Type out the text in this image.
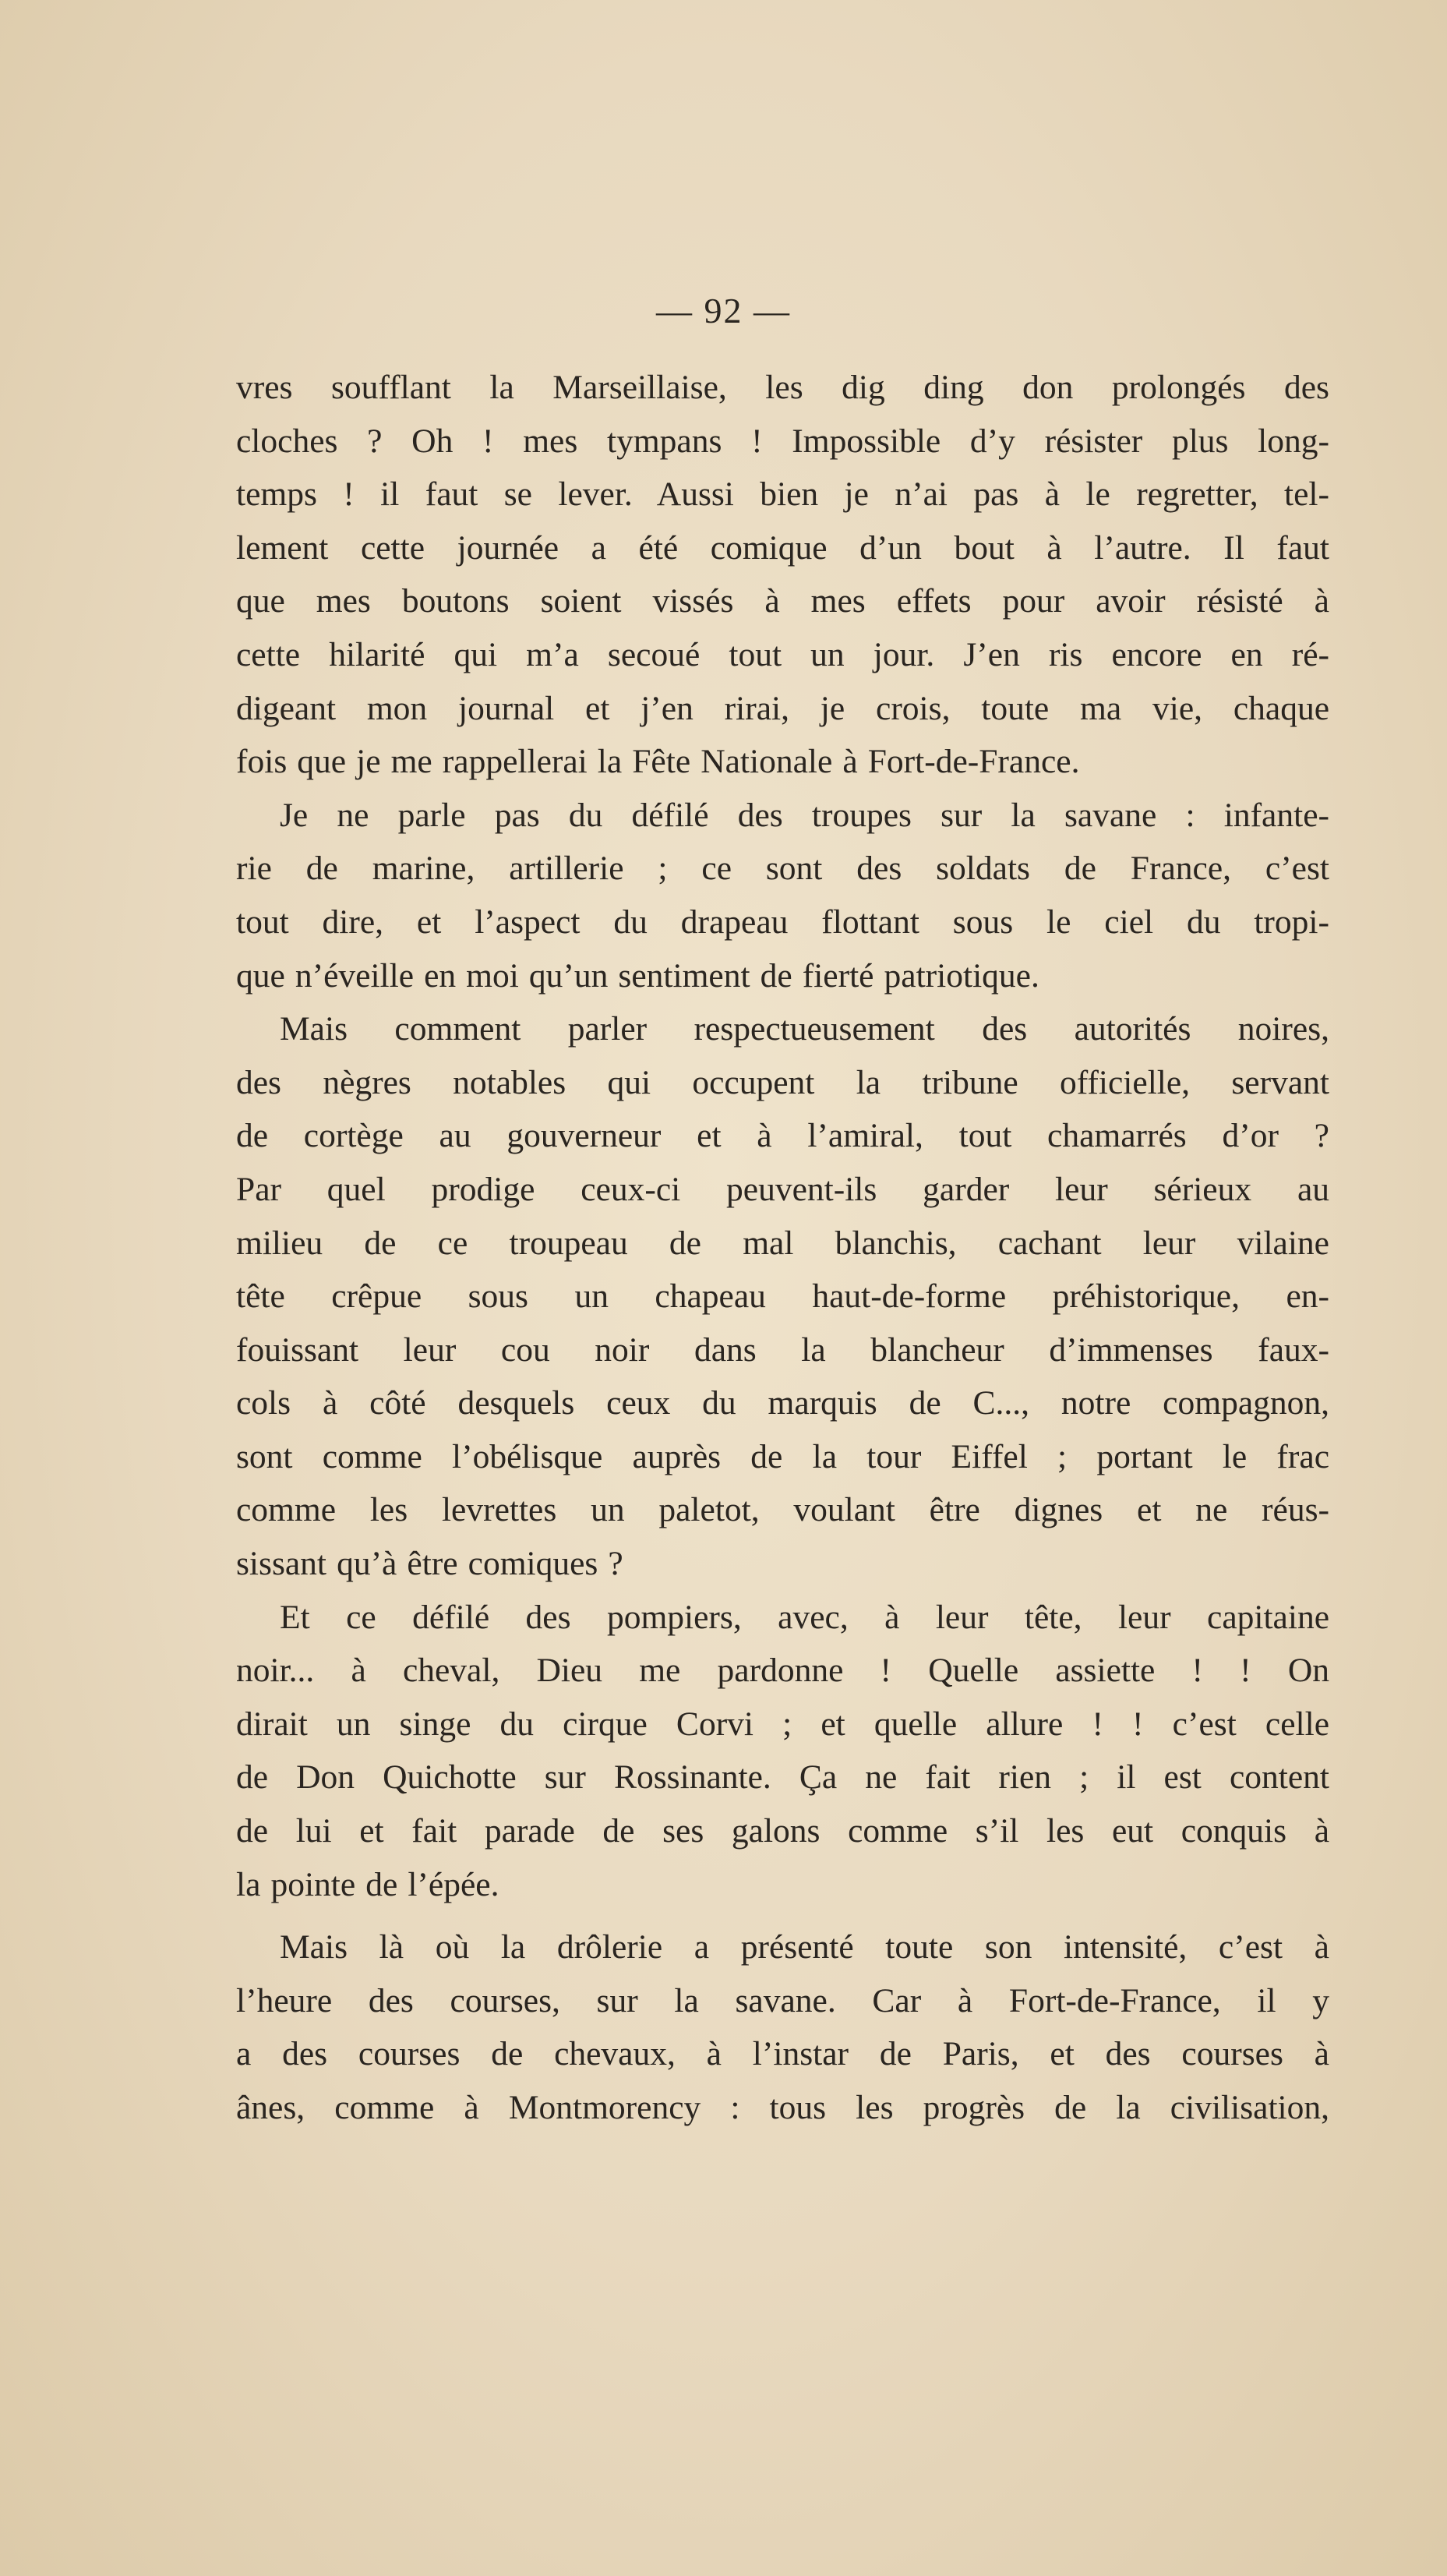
— 92 —
vres soufflant la Marseillaise, les dig ding don prolongés des
cloches ? Oh ! mes tympans ! Impossible d’y résister plus long-
temps ! il faut se lever. Aussi bien je n’ai pas à le regretter, tel-
lement cette journée a été comique d’un bout à l’autre. Il faut
que mes boutons soient vissés à mes effets pour avoir résisté à
cette hilarité qui m’a secoué tout un jour. J’en ris encore en ré-
digeant mon journal et j’en rirai, je crois, toute ma vie, chaque
fois que je me rappellerai la Fête Nationale à Fort-de-France.
Je ne parle pas du défilé des troupes sur la savane : infante-
rie de marine, artillerie ; ce sont des soldats de France, c’est
tout dire, et l’aspect du drapeau flottant sous le ciel du tropi-
que n’éveille en moi qu’un sentiment de fierté patriotique.
Mais comment parler respectueusement des autorités noires,
des nègres notables qui occupent la tribune officielle, servant
de cortège au gouverneur et à l’amiral, tout chamarrés d’or ?
Par quel prodige ceux-ci peuvent-ils garder leur sérieux au
milieu de ce troupeau de mal blanchis, cachant leur vilaine
tête crêpue sous un chapeau haut-de-forme préhistorique, en-
fouissant leur cou noir dans la blancheur d’immenses faux-
cols à côté desquels ceux du marquis de C..., notre compagnon,
sont comme l’obélisque auprès de la tour Eiffel ; portant le frac
comme les levrettes un paletot, voulant être dignes et ne réus-
sissant qu’à être comiques ?
Et ce défilé des pompiers, avec, à leur tête, leur capitaine
noir... à cheval, Dieu me pardonne ! Quelle assiette ! ! On
dirait un singe du cirque Corvi ; et quelle allure ! ! c’est celle
de Don Quichotte sur Rossinante. Ça ne fait rien ; il est content
de lui et fait parade de ses galons comme s’il les eut conquis à
la pointe de l’épée.
Mais là où la drôlerie a présenté toute son intensité, c’est à
l’heure des courses, sur la savane. Car à Fort-de-France, il y
a des courses de chevaux, à l’instar de Paris, et des courses à
ânes, comme à Montmorency : tous les progrès de la civilisation,
